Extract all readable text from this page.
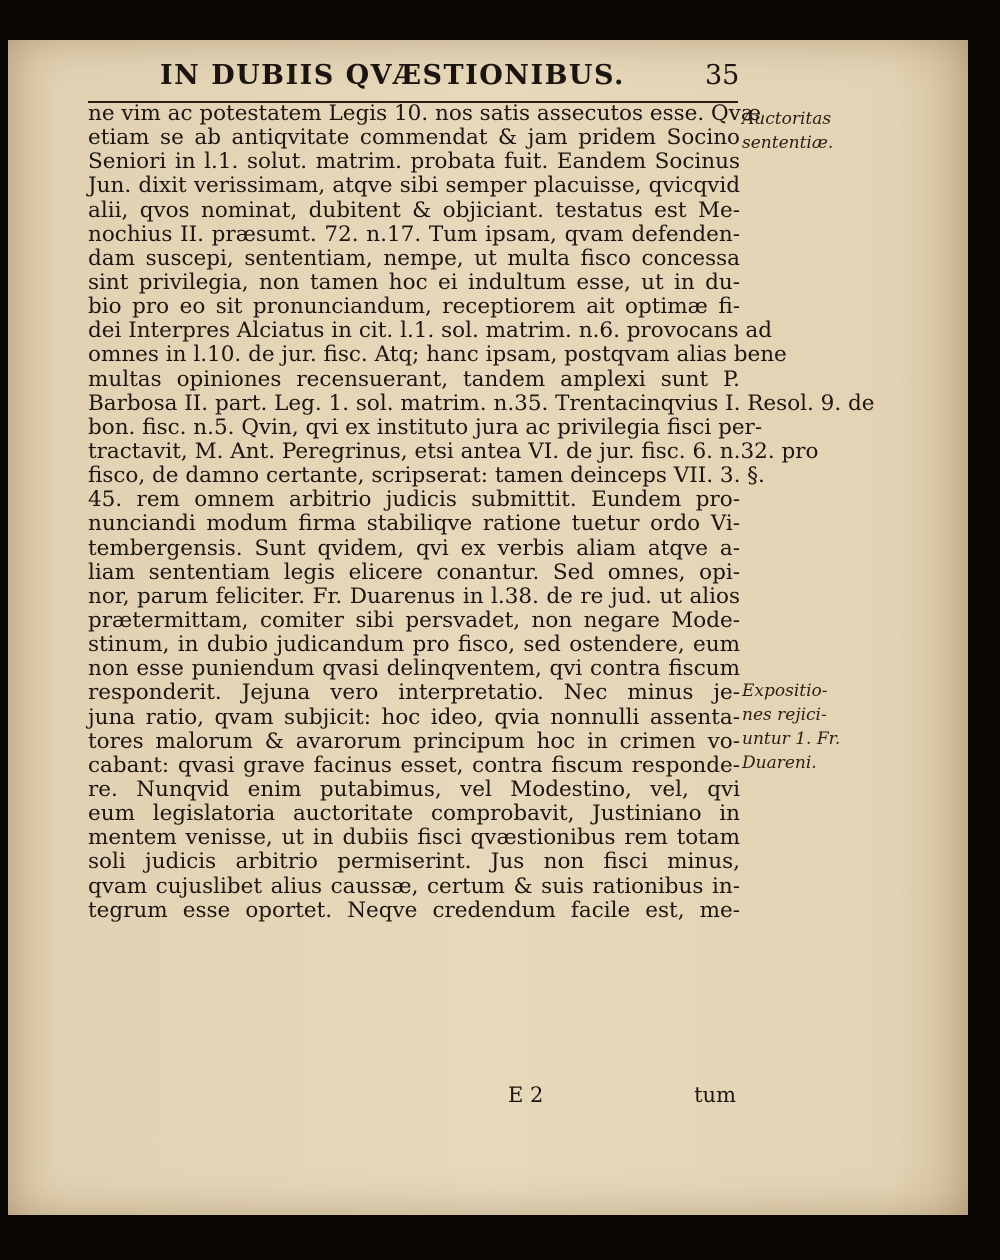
IN DUBIIS QVÆSTIONIBUS.	35
ne vim ac potestatem Legis 10. nos satis assecutos esse. Qvæ
etiam se ab antiqvitate commendat & jam pridem Socino
Seniori in l.1. solut. matrim. probata fuit. Eandem Socinus
Jun. dixit verissimam, atqve sibi semper placuisse, qvicqvid
alii, qvos nominat, dubitent & objiciant. testatus est Me-
nochius II. præsumt. 72. n.17. Tum ipsam, qvam defenden-
dam suscepi, sententiam, nempe, ut multa fisco concessa
sint privilegia, non tamen hoc ei indultum esse, ut in du-
bio pro eo sit pronunciandum, receptiorem ait optimæ fi-
dei Interpres Alciatus in cit. l.1. sol. matrim. n.6. provocans ad
omnes in l.10. de jur. fisc. Atq; hanc ipsam, postqvam alias bene
multas opiniones recensuerant, tandem amplexi sunt P.
Barbosa II. part. Leg. 1. sol. matrim. n.35. Trentacinqvius I. Resol. 9. de
bon. fisc. n.5. Qvin, qvi ex instituto jura ac privilegia fisci per-
tractavit, M. Ant. Peregrinus, etsi antea VI. de jur. fisc. 6. n.32. pro
fisco, de damno certante, scripserat: tamen deinceps VII. 3. §.
45. rem omnem arbitrio judicis submittit. Eundem pro-
nunciandi modum firma stabiliqve ratione tuetur ordo Vi-
tembergensis. Sunt qvidem, qvi ex verbis aliam atqve a-
liam sententiam legis elicere conantur. Sed omnes, opi-
nor, parum feliciter. Fr. Duarenus in l.38. de re jud. ut alios
prætermittam, comiter sibi persvadet, non negare Mode-
stinum, in dubio judicandum pro fisco, sed ostendere, eum
non esse puniendum qvasi delinqventem, qvi contra fiscum
responderit. Jejuna vero interpretatio. Nec minus je-
juna ratio, qvam subjicit: hoc ideo, qvia nonnulli assenta-
tores malorum & avarorum principum hoc in crimen vo-
cabant: qvasi grave facinus esset, contra fiscum responde-
re. Nunqvid enim putabimus, vel Modestino, vel, qvi
eum legislatoria auctoritate comprobavit, Justiniano in
mentem venisse, ut in dubiis fisci qvæstionibus rem totam
soli judicis arbitrio permiserint. Jus non fisci minus,
qvam cujuslibet alius caussæ, certum & suis rationibus in-
tegrum esse oportet. Neqve credendum facile est, me-
Auctoritas
sententiæ.
Expositio-
nes rejici-
untur 1. Fr.
Duareni.
E 2	tum
